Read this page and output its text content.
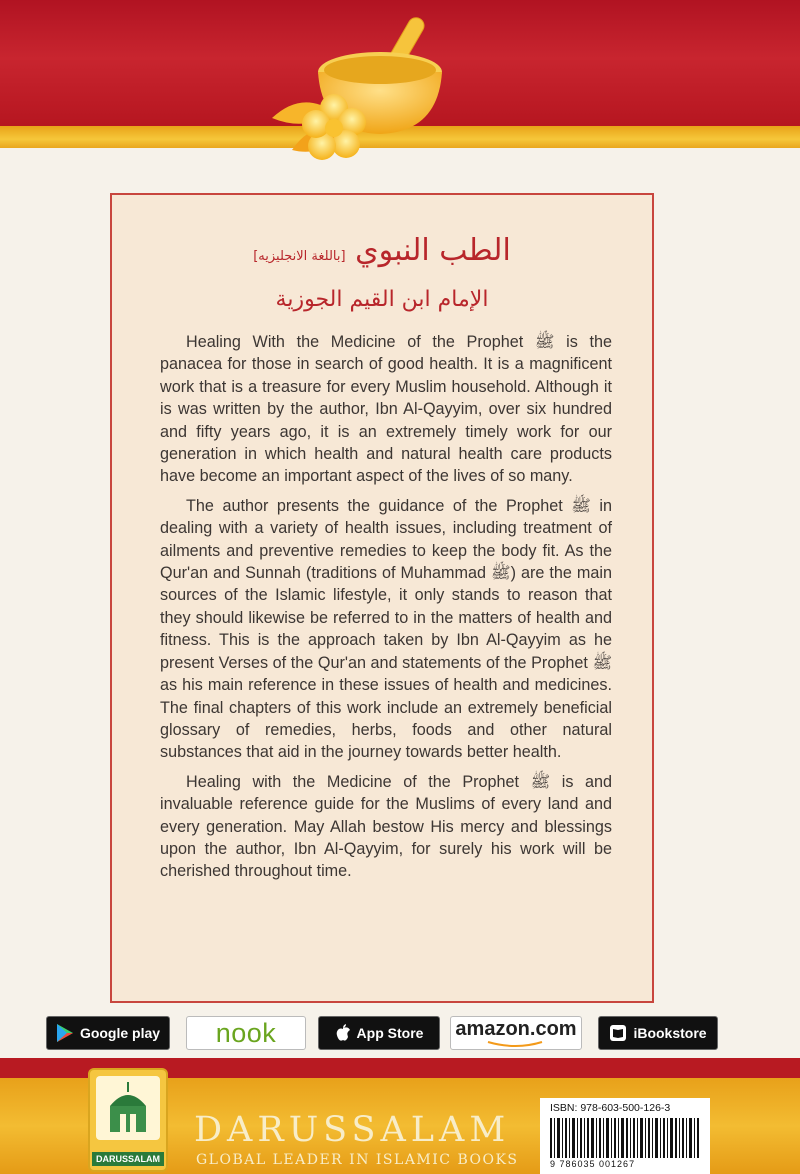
الطب النبوي [باللغة الانجليزيه]
الإمام ابن القيم الجوزية

Healing With the Medicine of the Prophet ﷺ is the panacea for those in search of good health. It is a magnificent work that is a treasure for every Muslim household. Although it is was written by the author, Ibn Al-Qayyim, over six hundred and fifty years ago, it is an extremely timely work for our generation in which health and natural health care products have become an important aspect of the lives of so many.

The author presents the guidance of the Prophet ﷺ in dealing with a variety of health issues, including treatment of ailments and preventive remedies to keep the body fit. As the Qur'an and Sunnah (traditions of Muhammad ﷺ) are the main sources of the Islamic lifestyle, it only stands to reason that they should likewise be referred to in the matters of health and fitness. This is the approach taken by Ibn Al-Qayyim as he present Verses of the Qur'an and statements of the Prophet ﷺ as his main reference in these issues of health and medicines. The final chapters of this work include an extremely beneficial glossary of remedies, herbs, foods and other natural substances that aid in the journey towards better health.

Healing with the Medicine of the Prophet ﷺ is and invaluable reference guide for the Muslims of every land and every generation. May Allah bestow His mercy and blessings upon the author, Ibn Al-Qayyim, for surely his work will be cherished throughout time.

Google play nook	App Store amazon.com	iBookstore
DARUSSALAM
DARUSSALAM
GLOBAL LEADER IN ISLAMIC BOOKS
ISBN: 978-603-500-126-3
9 786035 001267
